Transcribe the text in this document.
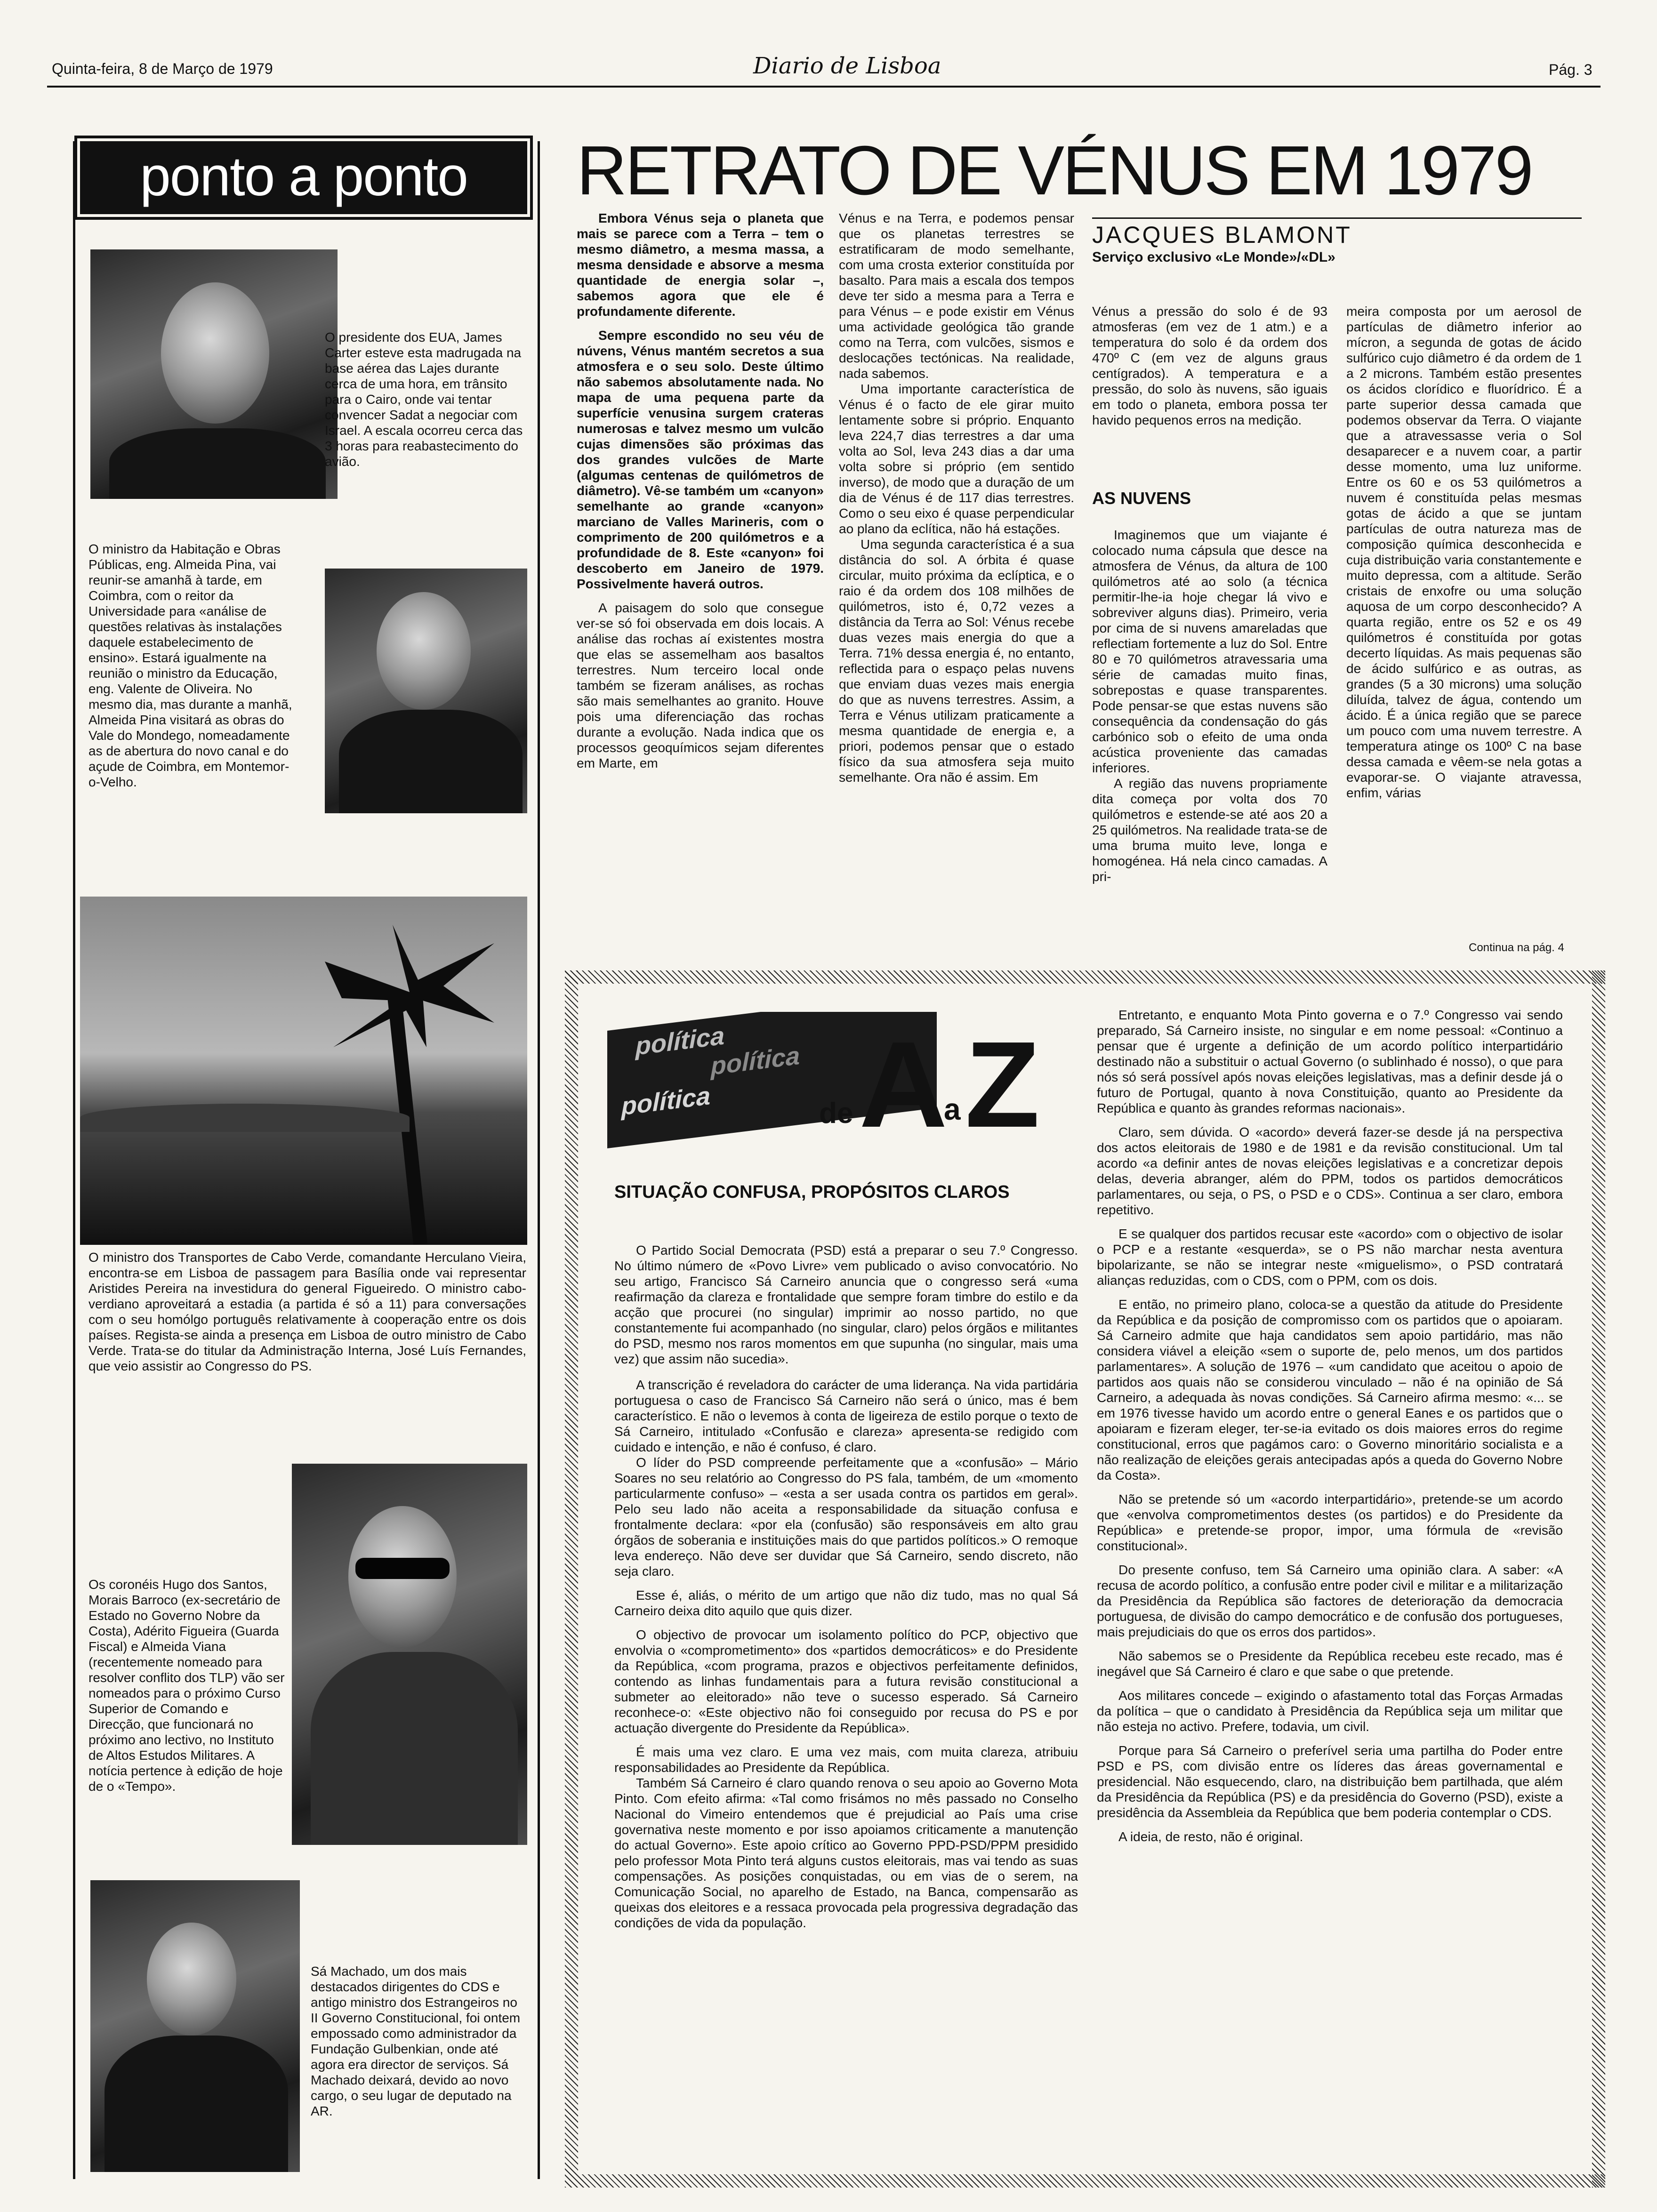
Quinta-feira, 8 de Março de 1979	Diario de Lisboa	Pág. 3
ponto a ponto
O presidente dos EUA, James Carter esteve esta madrugada na base aérea das Lajes durante cerca de uma hora, em trânsito para o Cairo, onde vai tentar convencer Sadat a negociar com Israel. A escala ocorreu cerca das 3 horas para reabastecimento do avião.
O ministro da Habitação e Obras Públicas, eng. Almeida Pina, vai reunir-se amanhã à tarde, em Coimbra, com o reitor da Universidade para «análise de questões relativas às instalações daquele estabelecimento de ensino». Estará igualmente na reunião o ministro da Educação, eng. Valente de Oliveira. No mesmo dia, mas durante a manhã, Almeida Pina visitará as obras do Vale do Mondego, nomeadamente as de abertura do novo canal e do açude de Coimbra, em Montemor-o-Velho.
O ministro dos Transportes de Cabo Verde, comandante Herculano Vieira, encontra-se em Lisboa de passagem para Basília onde vai representar Aristides Pereira na investidura do general Figueiredo. O ministro cabo-verdiano aproveitará a estadia (a partida é só a 11) para conversações com o seu homólgo português relativamente à cooperação entre os dois países. Regista-se ainda a presença em Lisboa de outro ministro de Cabo Verde. Trata-se do titular da Administração Interna, José Luís Fernandes, que veio assistir ao Congresso do PS.
Os coronéis Hugo dos Santos, Morais Barroco (ex-secretário de Estado no Governo Nobre da Costa), Adérito Figueira (Guarda Fiscal) e Almeida Viana (recentemente nomeado para resolver conflito dos TLP) vão ser nomeados para o próximo Curso Superior de Comando e Direcção, que funcionará no próximo ano lectivo, no Instituto de Altos Estudos Militares. A notícia pertence à edição de hoje de o «Tempo».
Sá Machado, um dos mais destacados dirigentes do CDS e antigo ministro dos Estrangeiros no II Governo Constitucional, foi ontem empossado como administrador da Fundação Gulbenkian, onde até agora era director de serviços. Sá Machado deixará, devido ao novo cargo, o seu lugar de deputado na AR.
RETRATO DE VÉNUS EM 1979

Embora Vénus seja o planeta que mais se parece com a Terra – tem o mesmo diâmetro, a mesma massa, a mesma densidade e absorve a mesma quantidade de energia solar –, sabemos agora que ele é profundamente diferente.

Sempre escondido no seu véu de núvens, Vénus mantém secretos a sua atmosfera e o seu solo. Deste último não sabemos absolutamente nada. No mapa de uma pequena parte da superfície venusina surgem crateras numerosas e talvez mesmo um vulcão cujas dimensões são próximas das dos grandes vulcões de Marte (algumas centenas de quilómetros de diâmetro). Vê-se também um «canyon» semelhante ao grande «canyon» marciano de Valles Marineris, com o comprimento de 200 quilómetros e a profundidade de 8. Este «canyon» foi descoberto em Janeiro de 1979. Possivelmente haverá outros.

A paisagem do solo que consegue ver-se só foi observada em dois locais. A análise das rochas aí existentes mostra que elas se assemelham aos basaltos terrestres. Num terceiro local onde também se fizeram análises, as rochas são mais semelhantes ao granito. Houve pois uma diferenciação das rochas durante a evolução. Nada indica que os processos geoquímicos sejam diferentes em Marte, em

Vénus e na Terra, e podemos pensar que os planetas terrestres se estratificaram de modo semelhante, com uma crosta exterior constituída por basalto. Para mais a escala dos tempos deve ter sido a mesma para a Terra e para Vénus – e pode existir em Vénus uma actividade geológica tão grande como na Terra, com vulcões, sismos e deslocações tectónicas. Na realidade, nada sabemos.

Uma importante característica de Vénus é o facto de ele girar muito lentamente sobre si próprio. Enquanto leva 224,7 dias terrestres a dar uma volta ao Sol, leva 243 dias a dar uma volta sobre si próprio (em sentido inverso), de modo que a duração de um dia de Vénus é de 117 dias terrestres. Como o seu eixo é quase perpendicular ao plano da eclítica, não há estações.

Uma segunda característica é a sua distância do sol. A órbita é quase circular, muito próxima da eclíptica, e o raio é da ordem dos 108 milhões de quilómetros, isto é, 0,72 vezes a distância da Terra ao Sol: Vénus recebe duas vezes mais energia do que a Terra. 71% dessa energia é, no entanto, reflectida para o espaço pelas nuvens que enviam duas vezes mais energia do que as nuvens terrestres. Assim, a Terra e Vénus utilizam praticamente a mesma quantidade de energia e, a priori, podemos pensar que o estado físico da sua atmosfera seja muito semelhante. Ora não é assim. Em

JACQUES BLAMONT
Serviço exclusivo «Le Monde»/«DL»
Vénus a pressão do solo é de 93 atmosferas (em vez de 1 atm.) e a temperatura do solo é da ordem dos 470º C (em vez de alguns graus centígrados). A temperatura e a pressão, do solo às nuvens, são iguais em todo o planeta, embora possa ter havido pequenos erros na medição.
AS NUVENS

Imaginemos que um viajante é colocado numa cápsula que desce na atmosfera de Vénus, da altura de 100 quilómetros até ao solo (a técnica permitir-lhe-ia hoje chegar lá vivo e sobreviver alguns dias). Primeiro, veria por cima de si nuvens amareladas que reflectiam fortemente a luz do Sol. Entre 80 e 70 quilómetros atravessaria uma série de camadas muito finas, sobrepostas e quase transparentes. Pode pensar-se que estas nuvens são consequência da condensação do gás carbónico sob o efeito de uma onda acústica proveniente das camadas inferiores.

A região das nuvens propriamente dita começa por volta dos 70 quilómetros e estende-se até aos 20 a 25 quilómetros. Na realidade trata-se de uma bruma muito leve, longa e homogénea. Há nela cinco camadas. A pri-

meira composta por um aerosol de partículas de diâmetro inferior ao mícron, a segunda de gotas de ácido sulfúrico cujo diâmetro é da ordem de 1 a 2 microns. Também estão presentes os ácidos clorídico e fluorídrico. É a parte superior dessa camada que podemos observar da Terra. O viajante que a atravessasse veria o Sol desaparecer e a nuvem coar, a partir desse momento, uma luz uniforme. Entre os 60 e os 53 quilómetros a nuvem é constituída pelas mesmas gotas de ácido a que se juntam partículas de outra natureza mas de composição química desconhecida e cuja distribuição varia constantemente e muito depressa, com a altitude. Serão cristais de enxofre ou uma solução aquosa de um corpo desconhecido? A quarta região, entre os 52 e os 49 quilómetros é constituída por gotas decerto líquidas. As mais pequenas são de ácido sulfúrico e as outras, as grandes (5 a 30 microns) uma solução diluída, talvez de água, contendo um ácido. É a única região que se parece um pouco com uma nuvem terrestre. A temperatura atinge os 100º C na base dessa camada e vêem-se nela gotas a evaporar-se. O viajante atravessa, enfim, várias
Continua na pág. 4
política
política
política	de A
a Z
SITUAÇÃO CONFUSA, PROPÓSITOS CLAROS

O Partido Social Democrata (PSD) está a preparar o seu 7.º Congresso. No último número de «Povo Livre» vem publicado o aviso convocatório. No seu artigo, Francisco Sá Carneiro anuncia que o congresso será «uma reafirmação da clareza e frontalidade que sempre foram timbre do estilo e da acção que procurei (no singular) imprimir ao nosso partido, no que constantemente fui acompanhado (no singular, claro) pelos órgãos e militantes do PSD, mesmo nos raros momentos em que supunha (no singular, mais uma vez) que assim não sucedia».

A transcrição é reveladora do carácter de uma liderança. Na vida partidária portuguesa o caso de Francisco Sá Carneiro não será o único, mas é bem característico. E não o levemos à conta de ligeireza de estilo porque o texto de Sá Carneiro, intitulado «Confusão e clareza» apresenta-se redigido com cuidado e intenção, e não é confuso, é claro.

O líder do PSD compreende perfeitamente que a «confusão» – Mário Soares no seu relatório ao Congresso do PS fala, também, de um «momento particularmente confuso» – «esta a ser usada contra os partidos em geral». Pelo seu lado não aceita a responsabilidade da situação confusa e frontalmente declara: «por ela (confusão) são responsáveis em alto grau órgãos de soberania e instituições mais do que partidos políticos.» O remoque leva endereço. Não deve ser duvidar que Sá Carneiro, sendo discreto, não seja claro.

Esse é, aliás, o mérito de um artigo que não diz tudo, mas no qual Sá Carneiro deixa dito aquilo que quis dizer.

O objectivo de provocar um isolamento político do PCP, objectivo que envolvia o «comprometimento» dos «partidos democráticos» e do Presidente da República, «com programa, prazos e objectivos perfeitamente definidos, contendo as linhas fundamentais para a futura revisão constitucional a submeter ao eleitorado» não teve o sucesso esperado. Sá Carneiro reconhece-o: «Este objectivo não foi conseguido por recusa do PS e por actuação divergente do Presidente da República».

É mais uma vez claro. E uma vez mais, com muita clareza, atribuiu responsabilidades ao Presidente da República.

Também Sá Carneiro é claro quando renova o seu apoio ao Governo Mota Pinto. Com efeito afirma: «Tal como frisámos no mês passado no Conselho Nacional do Vimeiro entendemos que é prejudicial ao País uma crise governativa neste momento e por isso apoiamos criticamente a manutenção do actual Governo». Este apoio crítico ao Governo PPD-PSD/PPM presidido pelo professor Mota Pinto terá alguns custos eleitorais, mas vai tendo as suas compensações. As posições conquistadas, ou em vias de o serem, na Comunicação Social, no aparelho de Estado, na Banca, compensarão as queixas dos eleitores e a ressaca provocada pela progressiva degradação das condições de vida da população.

Entretanto, e enquanto Mota Pinto governa e o 7.º Congresso vai sendo preparado, Sá Carneiro insiste, no singular e em nome pessoal: «Continuo a pensar que é urgente a definição de um acordo político interpartidário destinado não a substituir o actual Governo (o sublinhado é nosso), o que para nós só será possível após novas eleições legislativas, mas a definir desde já o futuro de Portugal, quanto à nova Constituição, quanto ao Presidente da República e quanto às grandes reformas nacionais».

Claro, sem dúvida. O «acordo» deverá fazer-se desde já na perspectiva dos actos eleitorais de 1980 e de 1981 e da revisão constitucional. Um tal acordo «a definir antes de novas eleições legislativas e a concretizar depois delas, deveria abranger, além do PPM, todos os partidos democráticos parlamentares, ou seja, o PS, o PSD e o CDS». Continua a ser claro, embora repetitivo.

E se qualquer dos partidos recusar este «acordo» com o objectivo de isolar o PCP e a restante «esquerda», se o PS não marchar nesta aventura bipolarizante, se não se integrar neste «miguelismo», o PSD contratará alianças reduzidas, com o CDS, com o PPM, com os dois.

E então, no primeiro plano, coloca-se a questão da atitude do Presidente da República e da posição de compromisso com os partidos que o apoiaram. Sá Carneiro admite que haja candidatos sem apoio partidário, mas não considera viável a eleição «sem o suporte de, pelo menos, um dos partidos parlamentares». A solução de 1976 – «um candidato que aceitou o apoio de partidos aos quais não se considerou vinculado – não é na opinião de Sá Carneiro, a adequada às novas condições. Sá Carneiro afirma mesmo: «... se em 1976 tivesse havido um acordo entre o general Eanes e os partidos que o apoiaram e fizeram eleger, ter-se-ia evitado os dois maiores erros do regime constitucional, erros que pagámos caro: o Governo minoritário socialista e a não realização de eleições gerais antecipadas após a queda do Governo Nobre da Costa».

Não se pretende só um «acordo interpartidário», pretende-se um acordo que «envolva comprometimentos destes (os partidos) e do Presidente da República» e pretende-se propor, impor, uma fórmula de «revisão constitucional».

Do presente confuso, tem Sá Carneiro uma opinião clara. A saber: «A recusa de acordo político, a confusão entre poder civil e militar e a militarização da Presidência da República são factores de deterioração da democracia portuguesa, de divisão do campo democrático e de confusão dos portugueses, mais prejudiciais do que os erros dos partidos».

Não sabemos se o Presidente da República recebeu este recado, mas é inegável que Sá Carneiro é claro e que sabe o que pretende.

Aos militares concede – exigindo o afastamento total das Forças Armadas da política – que o candidato à Presidência da República seja um militar que não esteja no activo. Prefere, todavia, um civil.

Porque para Sá Carneiro o preferível seria uma partilha do Poder entre PSD e PS, com divisão entre os líderes das áreas governamental e presidencial. Não esquecendo, claro, na distribuição bem partilhada, que além da Presidência da República (PS) e da presidência do Governo (PSD), existe a presidência da Assembleia da República que bem poderia contemplar o CDS.

A ideia, de resto, não é original.
